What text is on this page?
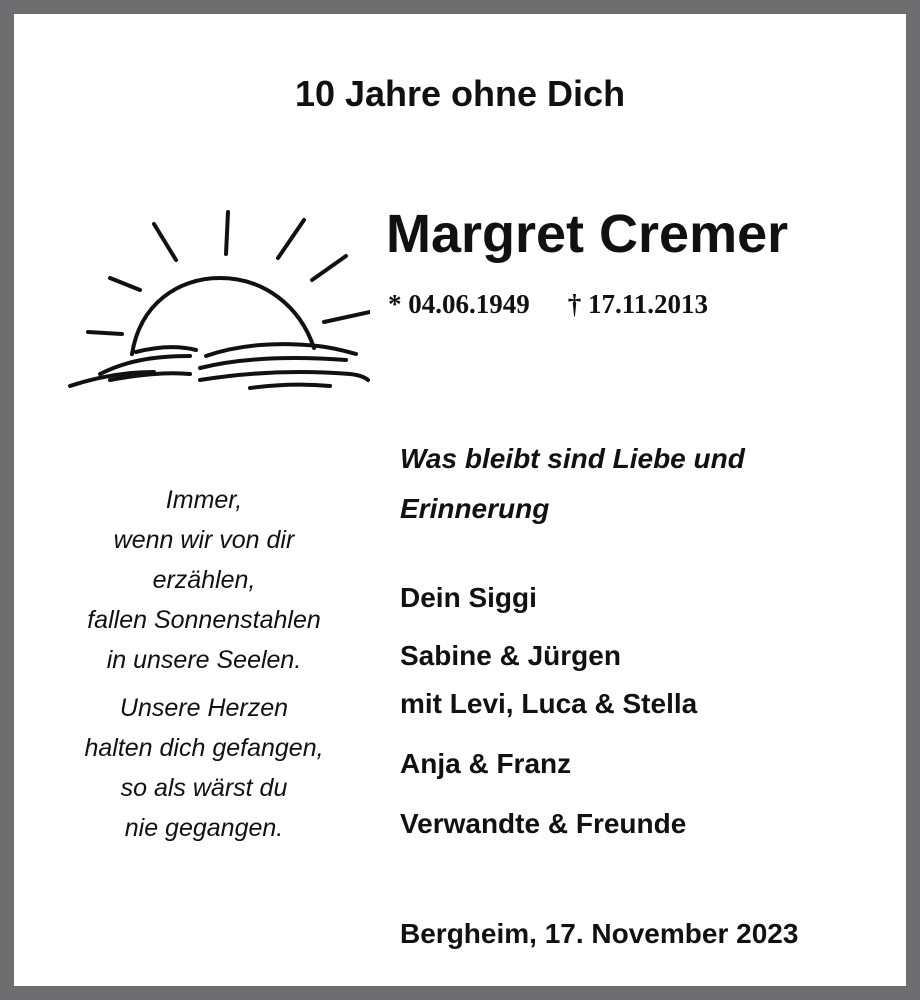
10 Jahre ohne Dich
Margret Cremer
* 04.06.1949 † 17.11.2013
Immer,
wenn wir von dir
erzählen,
fallen Sonnenstahlen
in unsere Seelen.
Unsere Herzen
halten dich gefangen,
so als wärst du
nie gegangen.
Was bleibt sind Liebe und
Erinnerung
Dein Siggi
Sabine & Jürgen
mit Levi, Luca & Stella
Anja & Franz
Verwandte & Freunde
Bergheim, 17. November 2023
